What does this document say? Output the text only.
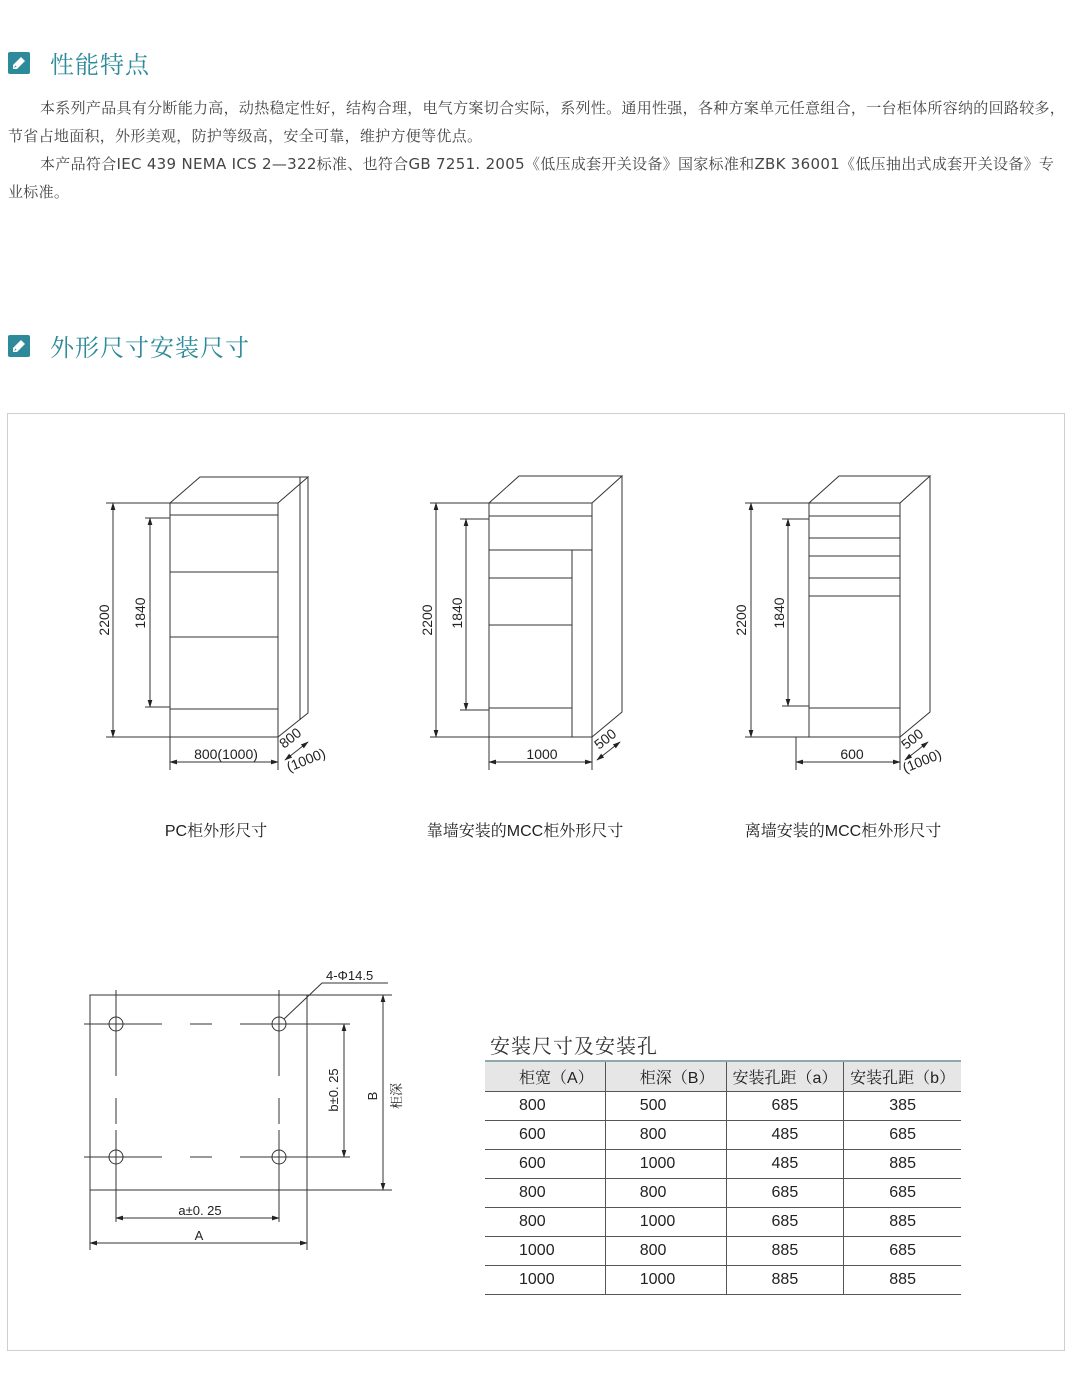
性能特点

本系列产品具有分断能力高，动热稳定性好，结构合理，电气方案切合实际，系列性。通用性强，各种方案单元任意组合，一台柜体所容纳的回路较多，节省占地面积，外形美观，防护等级高，安全可靠，维护方便等优点。

本产品符合IEC 439 NEMA ICS 2—322标准、也符合GB 7251. 2005《低压成套开关设备》国家标准和ZBK 36001《低压抽出式成套开关设备》专业标准。

外形尺寸安装尺寸
2200 1840
800(1000)
800
(1000)
PC柜外形尺寸
2200 1840
1000
500
靠墙安装的MCC柜外形尺寸
2200 1840
600
500
(1000)
离墙安装的MCC柜外形尺寸
4-Φ14.5
b±0. 25 B 柜深
a±0. 25
A
安装尺寸及安装孔
柜宽（A）	柜深（B）	安装孔距（a）	安装孔距（b）
800	500	685	385
600	800	485	685
600	1000	485	885
800	800	685	685
800	1000	685	885
1000	800	885	685
1000	1000	885	885
